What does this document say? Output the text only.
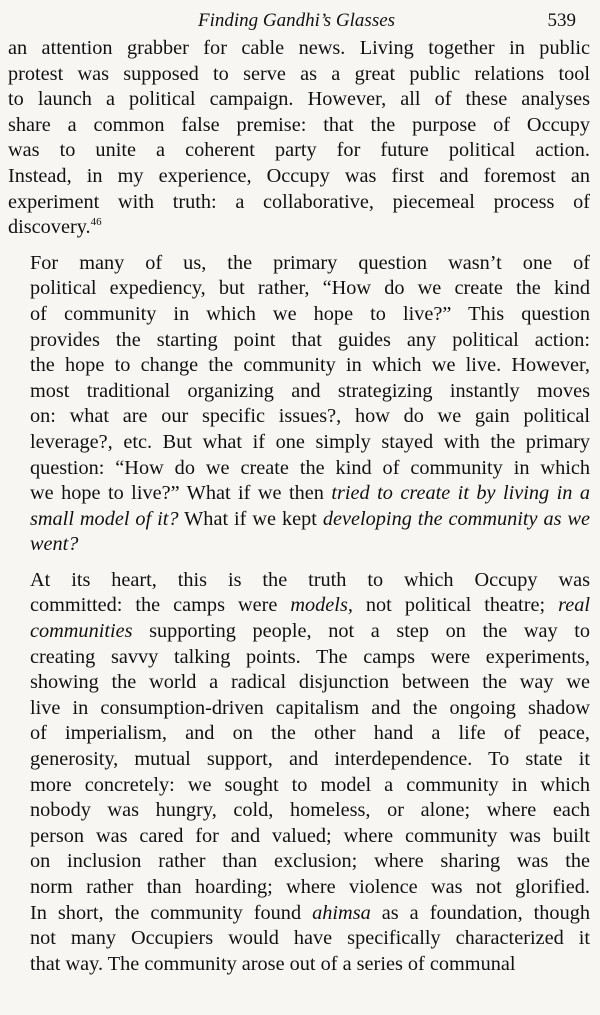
Finding Gandhi’s Glasses	539

an attention grabber for cable news. Living together in public
protest was supposed to serve as a great public relations tool
to launch a political campaign. However, all of these analyses
share a common false premise: that the purpose of Occupy
was to unite a coherent party for future political action.
Instead, in my experience, Occupy was first and foremost an
experiment with truth: a collaborative, piecemeal process of
discovery.$^{46}$

For many of us, the primary question wasn’t one of
political expediency, but rather, “How do we create the kind
of community in which we hope to live?” This question
provides the starting point that guides any political action:
the hope to change the community in which we live. However,
most traditional organizing and strategizing instantly moves
on: what are our specific issues?, how do we gain political
leverage?, etc. But what if one simply stayed with the primary
question: “How do we create the kind of community in which
we hope to live?” What if we then tried to create it by living in a
small model of it? What if we kept developing the community as we
went?

At its heart, this is the truth to which Occupy was
committed: the camps were models, not political theatre; real
communities supporting people, not a step on the way to
creating savvy talking points. The camps were experiments,
showing the world a radical disjunction between the way we
live in consumption-driven capitalism and the ongoing shadow
of imperialism, and on the other hand a life of peace,
generosity, mutual support, and interdependence. To state it
more concretely: we sought to model a community in which
nobody was hungry, cold, homeless, or alone; where each
person was cared for and valued; where community was built
on inclusion rather than exclusion; where sharing was the
norm rather than hoarding; where violence was not glorified.
In short, the community found ahimsa as a foundation, though
not many Occupiers would have specifically characterized it
that way. The community arose out of a series of communal
